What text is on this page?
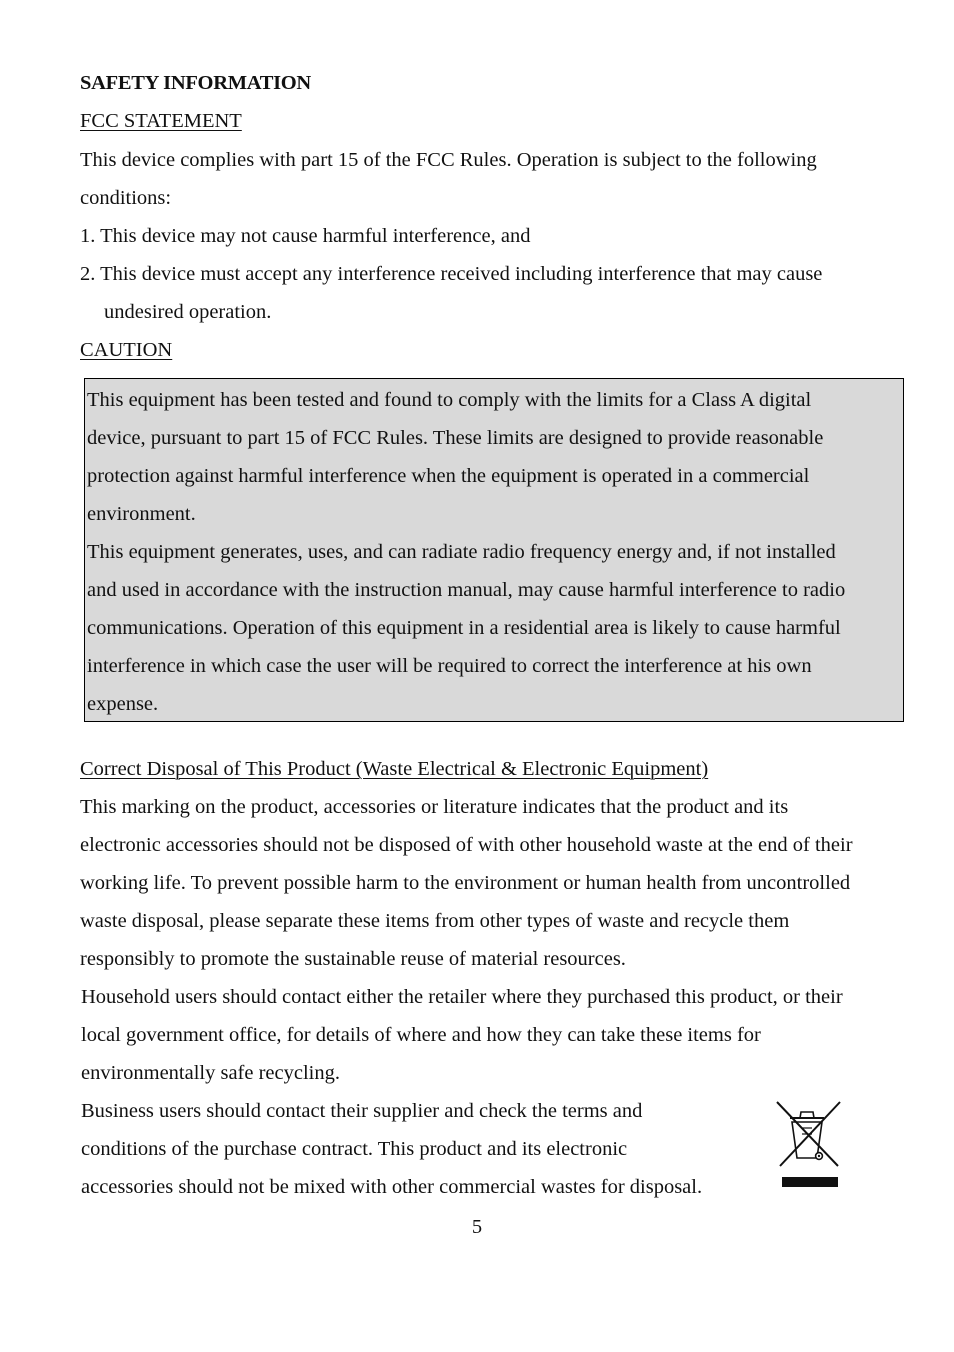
SAFETY INFORMATION
FCC STATEMENT
This device complies with part 15 of the FCC Rules. Operation is subject to the following
conditions:
1. This device may not cause harmful interference, and
2. This device must accept any interference received including interference that may cause
undesired operation.
CAUTION
This equipment has been tested and found to comply with the limits for a Class A digital
device, pursuant to part 15 of FCC Rules. These limits are designed to provide reasonable
protection against harmful interference when the equipment is operated in a commercial
environment.
This equipment generates, uses, and can radiate radio frequency energy and, if not installed
and used in accordance with the instruction manual, may cause harmful interference to radio
communications. Operation of this equipment in a residential area is likely to cause harmful
interference in which case the user will be required to correct the interference at his own
expense.
Correct Disposal of This Product (Waste Electrical & Electronic Equipment)
This marking on the product, accessories or literature indicates that the product and its
electronic accessories should not be disposed of with other household waste at the end of their
working life. To prevent possible harm to the environment or human health from uncontrolled
waste disposal, please separate these items from other types of waste and recycle them
responsibly to promote the sustainable reuse of material resources.
Household users should contact either the retailer where they purchased this product, or their
local government office, for details of where and how they can take these items for
environmentally safe recycling.
Business users should contact their supplier and check the terms and
conditions of the purchase contract. This product and its electronic
accessories should not be mixed with other commercial wastes for disposal.
5
